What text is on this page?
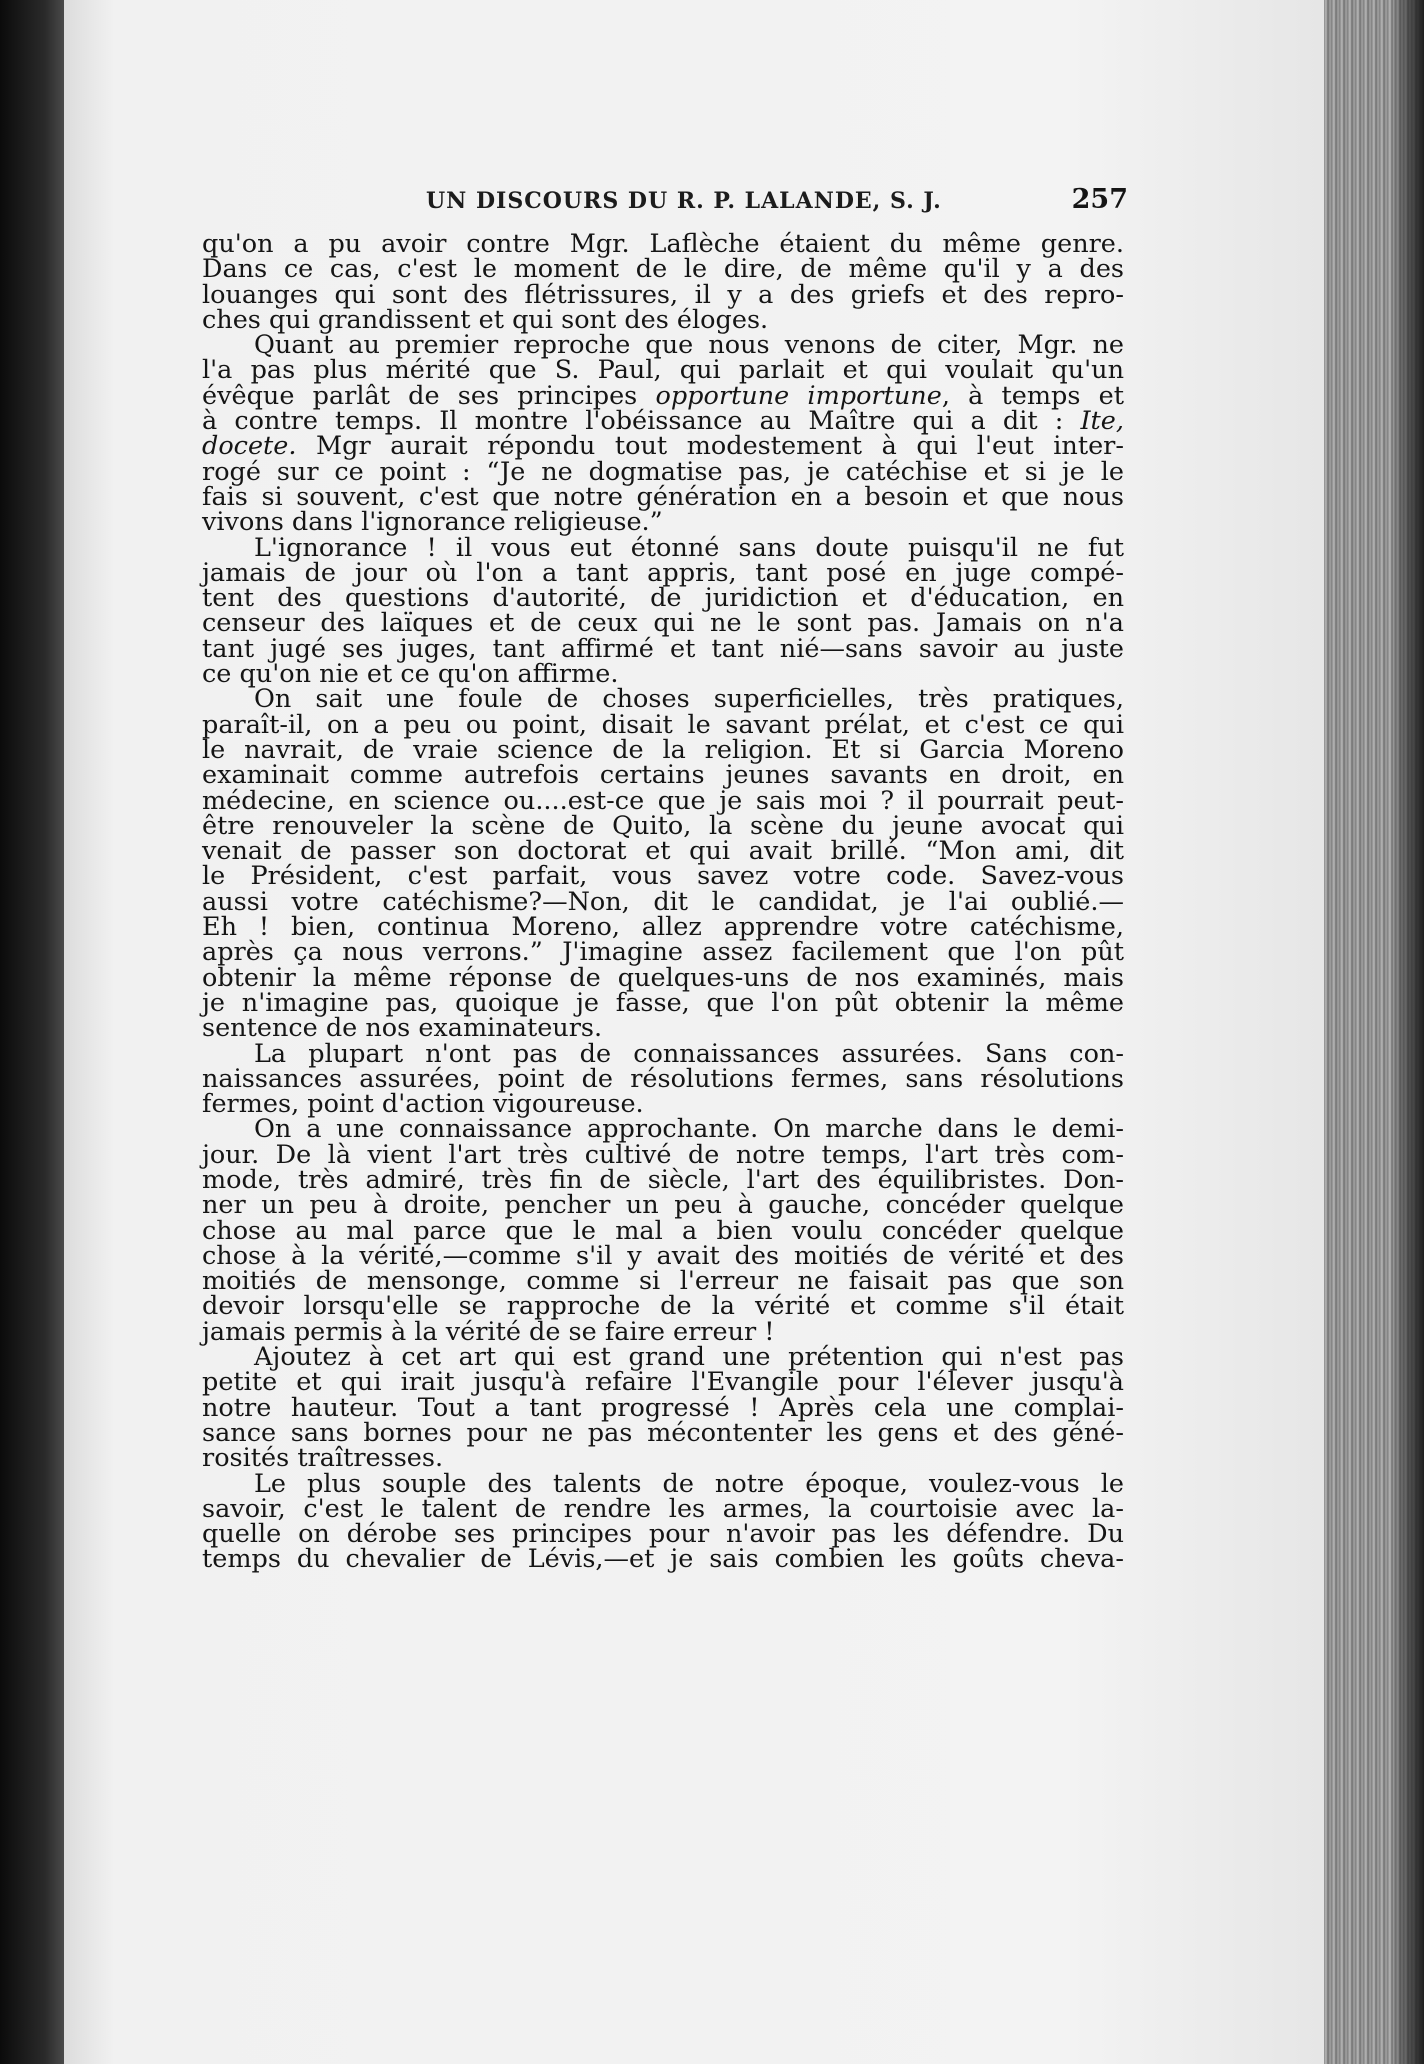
UN DISCOURS DU R. P. LALANDE, S. J.	257
qu'on a pu avoir contre Mgr. Laflèche étaient du même genre.
Dans ce cas, c'est le moment de le dire, de même qu'il y a des
louanges qui sont des flétrissures, il y a des griefs et des repro-
ches qui grandissent et qui sont des éloges.
Quant au premier reproche que nous venons de citer, Mgr. ne
l'a pas plus mérité que S. Paul, qui parlait et qui voulait qu'un
évêque parlât de ses principes opportune importune, à temps et
à contre temps. Il montre l'obéissance au Maître qui a dit : Ite,
docete. Mgr aurait répondu tout modestement à qui l'eut inter-
rogé sur ce point : “Je ne dogmatise pas, je catéchise et si je le
fais si souvent, c'est que notre génération en a besoin et que nous
vivons dans l'ignorance religieuse.”
L'ignorance ! il vous eut étonné sans doute puisqu'il ne fut
jamais de jour où l'on a tant appris, tant posé en juge compé-
tent des questions d'autorité, de juridiction et d'éducation, en
censeur des laïques et de ceux qui ne le sont pas. Jamais on n'a
tant jugé ses juges, tant affirmé et tant nié—sans savoir au juste
ce qu'on nie et ce qu'on affirme.
On sait une foule de choses superficielles, très pratiques,
paraît-il, on a peu ou point, disait le savant prélat, et c'est ce qui
le navrait, de vraie science de la religion. Et si Garcia Moreno
examinait comme autrefois certains jeunes savants en droit, en
médecine, en science ou....est-ce que je sais moi ? il pourrait peut-
être renouveler la scène de Quito, la scène du jeune avocat qui
venait de passer son doctorat et qui avait brillé. “Mon ami, dit
le Président, c'est parfait, vous savez votre code. Savez-vous
aussi votre catéchisme?—Non, dit le candidat, je l'ai oublié.—
Eh ! bien, continua Moreno, allez apprendre votre catéchisme,
après ça nous verrons.” J'imagine assez facilement que l'on pût
obtenir la même réponse de quelques-uns de nos examinés, mais
je n'imagine pas, quoique je fasse, que l'on pût obtenir la même
sentence de nos examinateurs.
La plupart n'ont pas de connaissances assurées. Sans con-
naissances assurées, point de résolutions fermes, sans résolutions
fermes, point d'action vigoureuse.
On a une connaissance approchante. On marche dans le demi-
jour. De là vient l'art très cultivé de notre temps, l'art très com-
mode, très admiré, très fin de siècle, l'art des équilibristes. Don-
ner un peu à droite, pencher un peu à gauche, concéder quelque
chose au mal parce que le mal a bien voulu concéder quelque
chose à la vérité,—comme s'il y avait des moitiés de vérité et des
moitiés de mensonge, comme si l'erreur ne faisait pas que son
devoir lorsqu'elle se rapproche de la vérité et comme s'il était
jamais permis à la vérité de se faire erreur !
Ajoutez à cet art qui est grand une prétention qui n'est pas
petite et qui irait jusqu'à refaire l'Evangile pour l'élever jusqu'à
notre hauteur. Tout a tant progressé ! Après cela une complai-
sance sans bornes pour ne pas mécontenter les gens et des géné-
rosités traîtresses.
Le plus souple des talents de notre époque, voulez-vous le
savoir, c'est le talent de rendre les armes, la courtoisie avec la-
quelle on dérobe ses principes pour n'avoir pas les défendre. Du
temps du chevalier de Lévis,—et je sais combien les goûts cheva-
